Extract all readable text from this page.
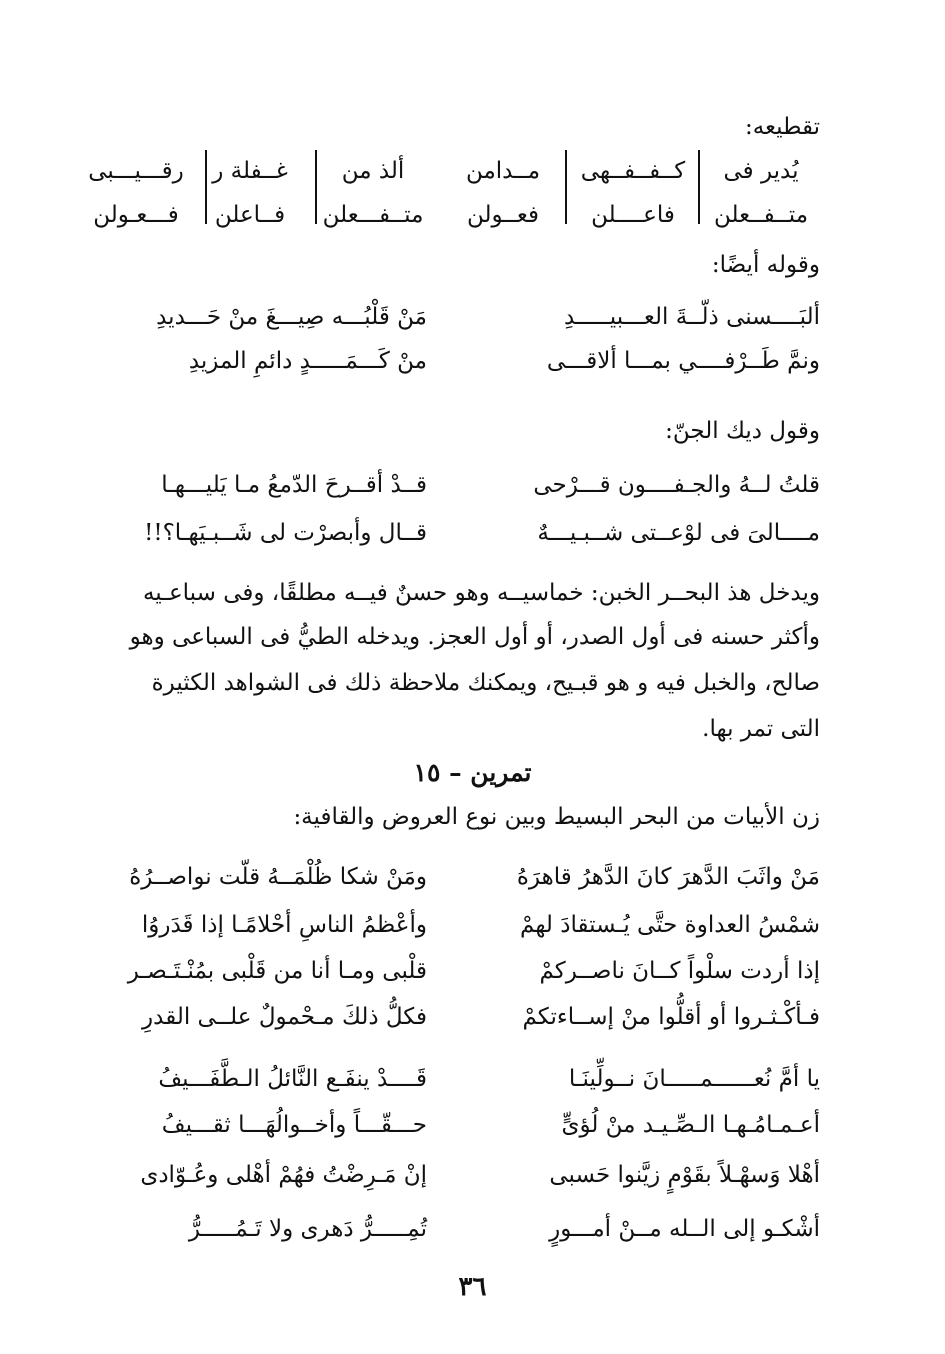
تقطيعه:
يُدير فى
كــفــفــهى
مــدامن
ألذ من
غــفلة ر
رقـــيـــبى
متــفــعلن
فاعــــلن
فعــولن
متــفـــعلن
فــاعلن
فـــعـولن
وقوله أيضًا:
ألبَــــسنى ذلّــةَ العـــبيـــــدِ
مَنْ قَلْبُـــه صِيـــغَ منْ حَـــديدِ
ونمَّ طَــرْفــــي بمـــا ألاقـــى
منْ كَـــمَـــــدٍ دائمِ المزيدِ
وقول ديك الجنّ:
قلتُ لــهُ والجـفــــون قـــرْحى
قــدْ أقــرحَ الدّمعُ مـا يَليـــهـا
مــــالىَ فى لوْعــتى شــبـيـــهٌ
قــال وأبصرْت لى شَــبـيَهـا؟!!
ويدخل هذ البحــر الخبن: خماسيــه وهو حسنٌ فيــه مطلقًا، وفى سباعـيه
وأكثر حسنه فى أول الصدر، أو أول العجز. ويدخله الطيُّ فى السباعى وهو
صالح، والخبل فيه و هو قبـيح، ويمكنك ملاحظة ذلك فى الشواهد الكثيرة
التى تمر بها.
تمرين – ١٥
زن الأبيات من البحر البسيط وبين نوع العروض والقافية:
مَنْ واثَبَ الدَّهرَ كانَ الدَّهرُ قاهرَهُ
ومَنْ شكا ظُلْمَــهُ قلّت نواصــرُهُ
شمْسُ العداوة حتَّى يُـستقادَ لهمْ
وأعْظمُ الناسِ أحْلامًـا إذا قَدَروُا
إذا أردت سلْواً كــانَ ناصــركمْ
قلْبى ومـا أنا من قَلْبى بمُنْـتَـصـر
فـأكْـثـروا أو أقلُّوا منْ إســاءتكمْ
فكلُّ ذلكَ مـحْمولٌ علــى القدرِ
يا أمَّ نُعــــــمـــــانَ نــولِّينَـا
قَــــدْ ينفَـع النَّائلُ الـطَّفَـــيفُ
أعـمـامُـهـا الـصِّـيـد منْ لُؤىٍّ
حـــقّـــاً وأخــوالُهَـــا ثقـــيفُ
أهْلا وَسهْـلاً بقَوْمٍ زيَّنوا حَسبى
إنْ مَـرِضْتُ فهُمْ أهْلى وعُـوّادى
أشْكـو إلى الــله مــنْ أمـــورٍ
تُمِـــــرُّ دَهرى ولا تَـمُـــــرُّ
٣٦
